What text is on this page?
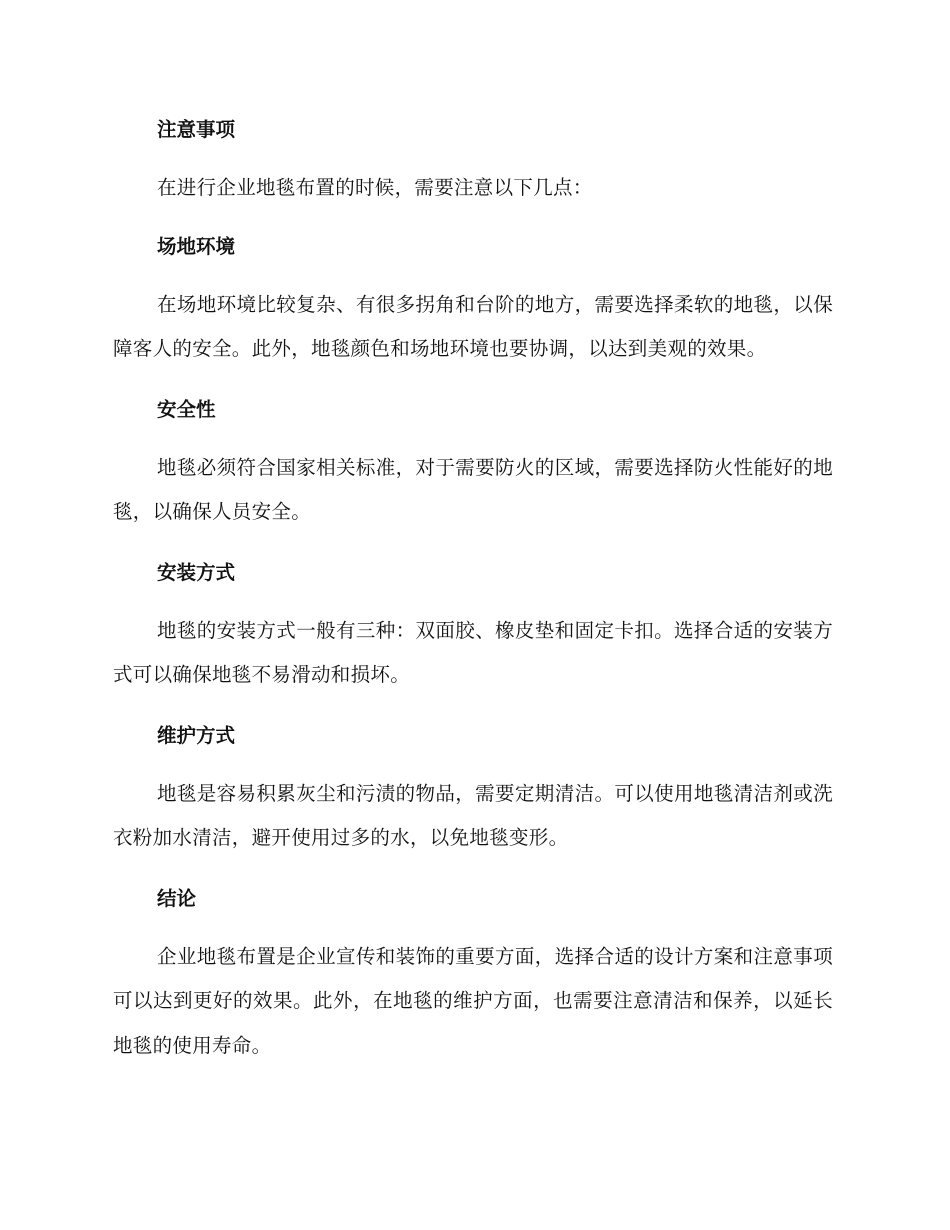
注意事项
在进行企业地毯布置的时候，需要注意以下几点：
场地环境
在场地环境比较复杂、有很多拐角和台阶的地方，需要选择柔软的地毯，以保障客人的安全。此外，地毯颜色和场地环境也要协调，以达到美观的效果。
安全性
地毯必须符合国家相关标准，对于需要防火的区域，需要选择防火性能好的地毯，以确保人员安全。
安装方式
地毯的安装方式一般有三种：双面胶、橡皮垫和固定卡扣。选择合适的安装方式可以确保地毯不易滑动和损坏。
维护方式
地毯是容易积累灰尘和污渍的物品，需要定期清洁。可以使用地毯清洁剂或洗衣粉加水清洁，避开使用过多的水，以免地毯变形。
结论
企业地毯布置是企业宣传和装饰的重要方面，选择合适的设计方案和注意事项可以达到更好的效果。此外，在地毯的维护方面，也需要注意清洁和保养，以延长地毯的使用寿命。
